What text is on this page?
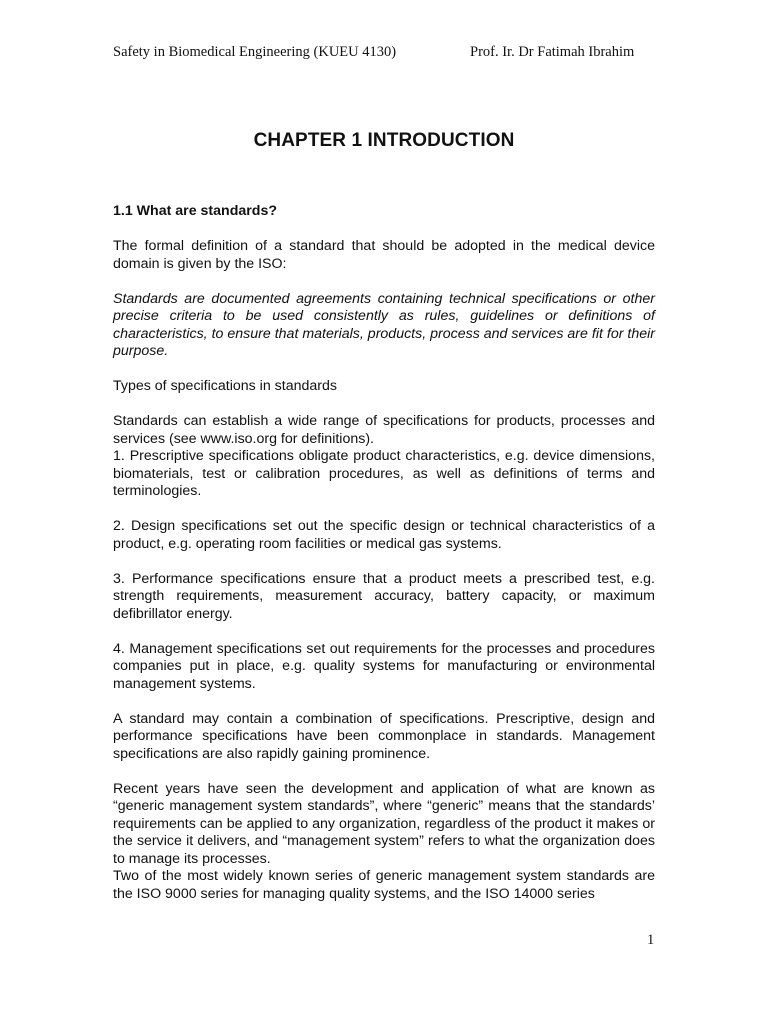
Safety in Biomedical Engineering (KUEU 4130)	Prof. Ir. Dr Fatimah Ibrahim
CHAPTER 1 INTRODUCTION

1.1 What are standards?

The formal definition of a standard that should be adopted in the medical device domain is given by the ISO:

Standards are documented agreements containing technical specifications or other precise criteria to be used consistently as rules, guidelines or definitions of characteristics, to ensure that materials, products, process and services are fit for their purpose.

Types of specifications in standards

Standards can establish a wide range of specifications for products, processes and services (see www.iso.org for definitions).

1. Prescriptive specifications obligate product characteristics, e.g. device dimensions, biomaterials, test or calibration procedures, as well as definitions of terms and terminologies.

2. Design specifications set out the specific design or technical characteristics of a product, e.g. operating room facilities or medical gas systems.

3. Performance specifications ensure that a product meets a prescribed test, e.g. strength requirements, measurement accuracy, battery capacity, or maximum defibrillator energy.

4. Management specifications set out requirements for the processes and procedures companies put in place, e.g. quality systems for manufacturing or environmental management systems.

A standard may contain a combination of specifications. Prescriptive, design and performance specifications have been commonplace in standards. Management specifications are also rapidly gaining prominence.

Recent years have seen the development and application of what are known as “generic management system standards”, where “generic” means that the standards’ requirements can be applied to any organization, regardless of the product it makes or the service it delivers, and “management system” refers to what the organization does to manage its processes.

Two of the most widely known series of generic management system standards are the ISO 9000 series for managing quality systems, and the ISO 14000 series

1
